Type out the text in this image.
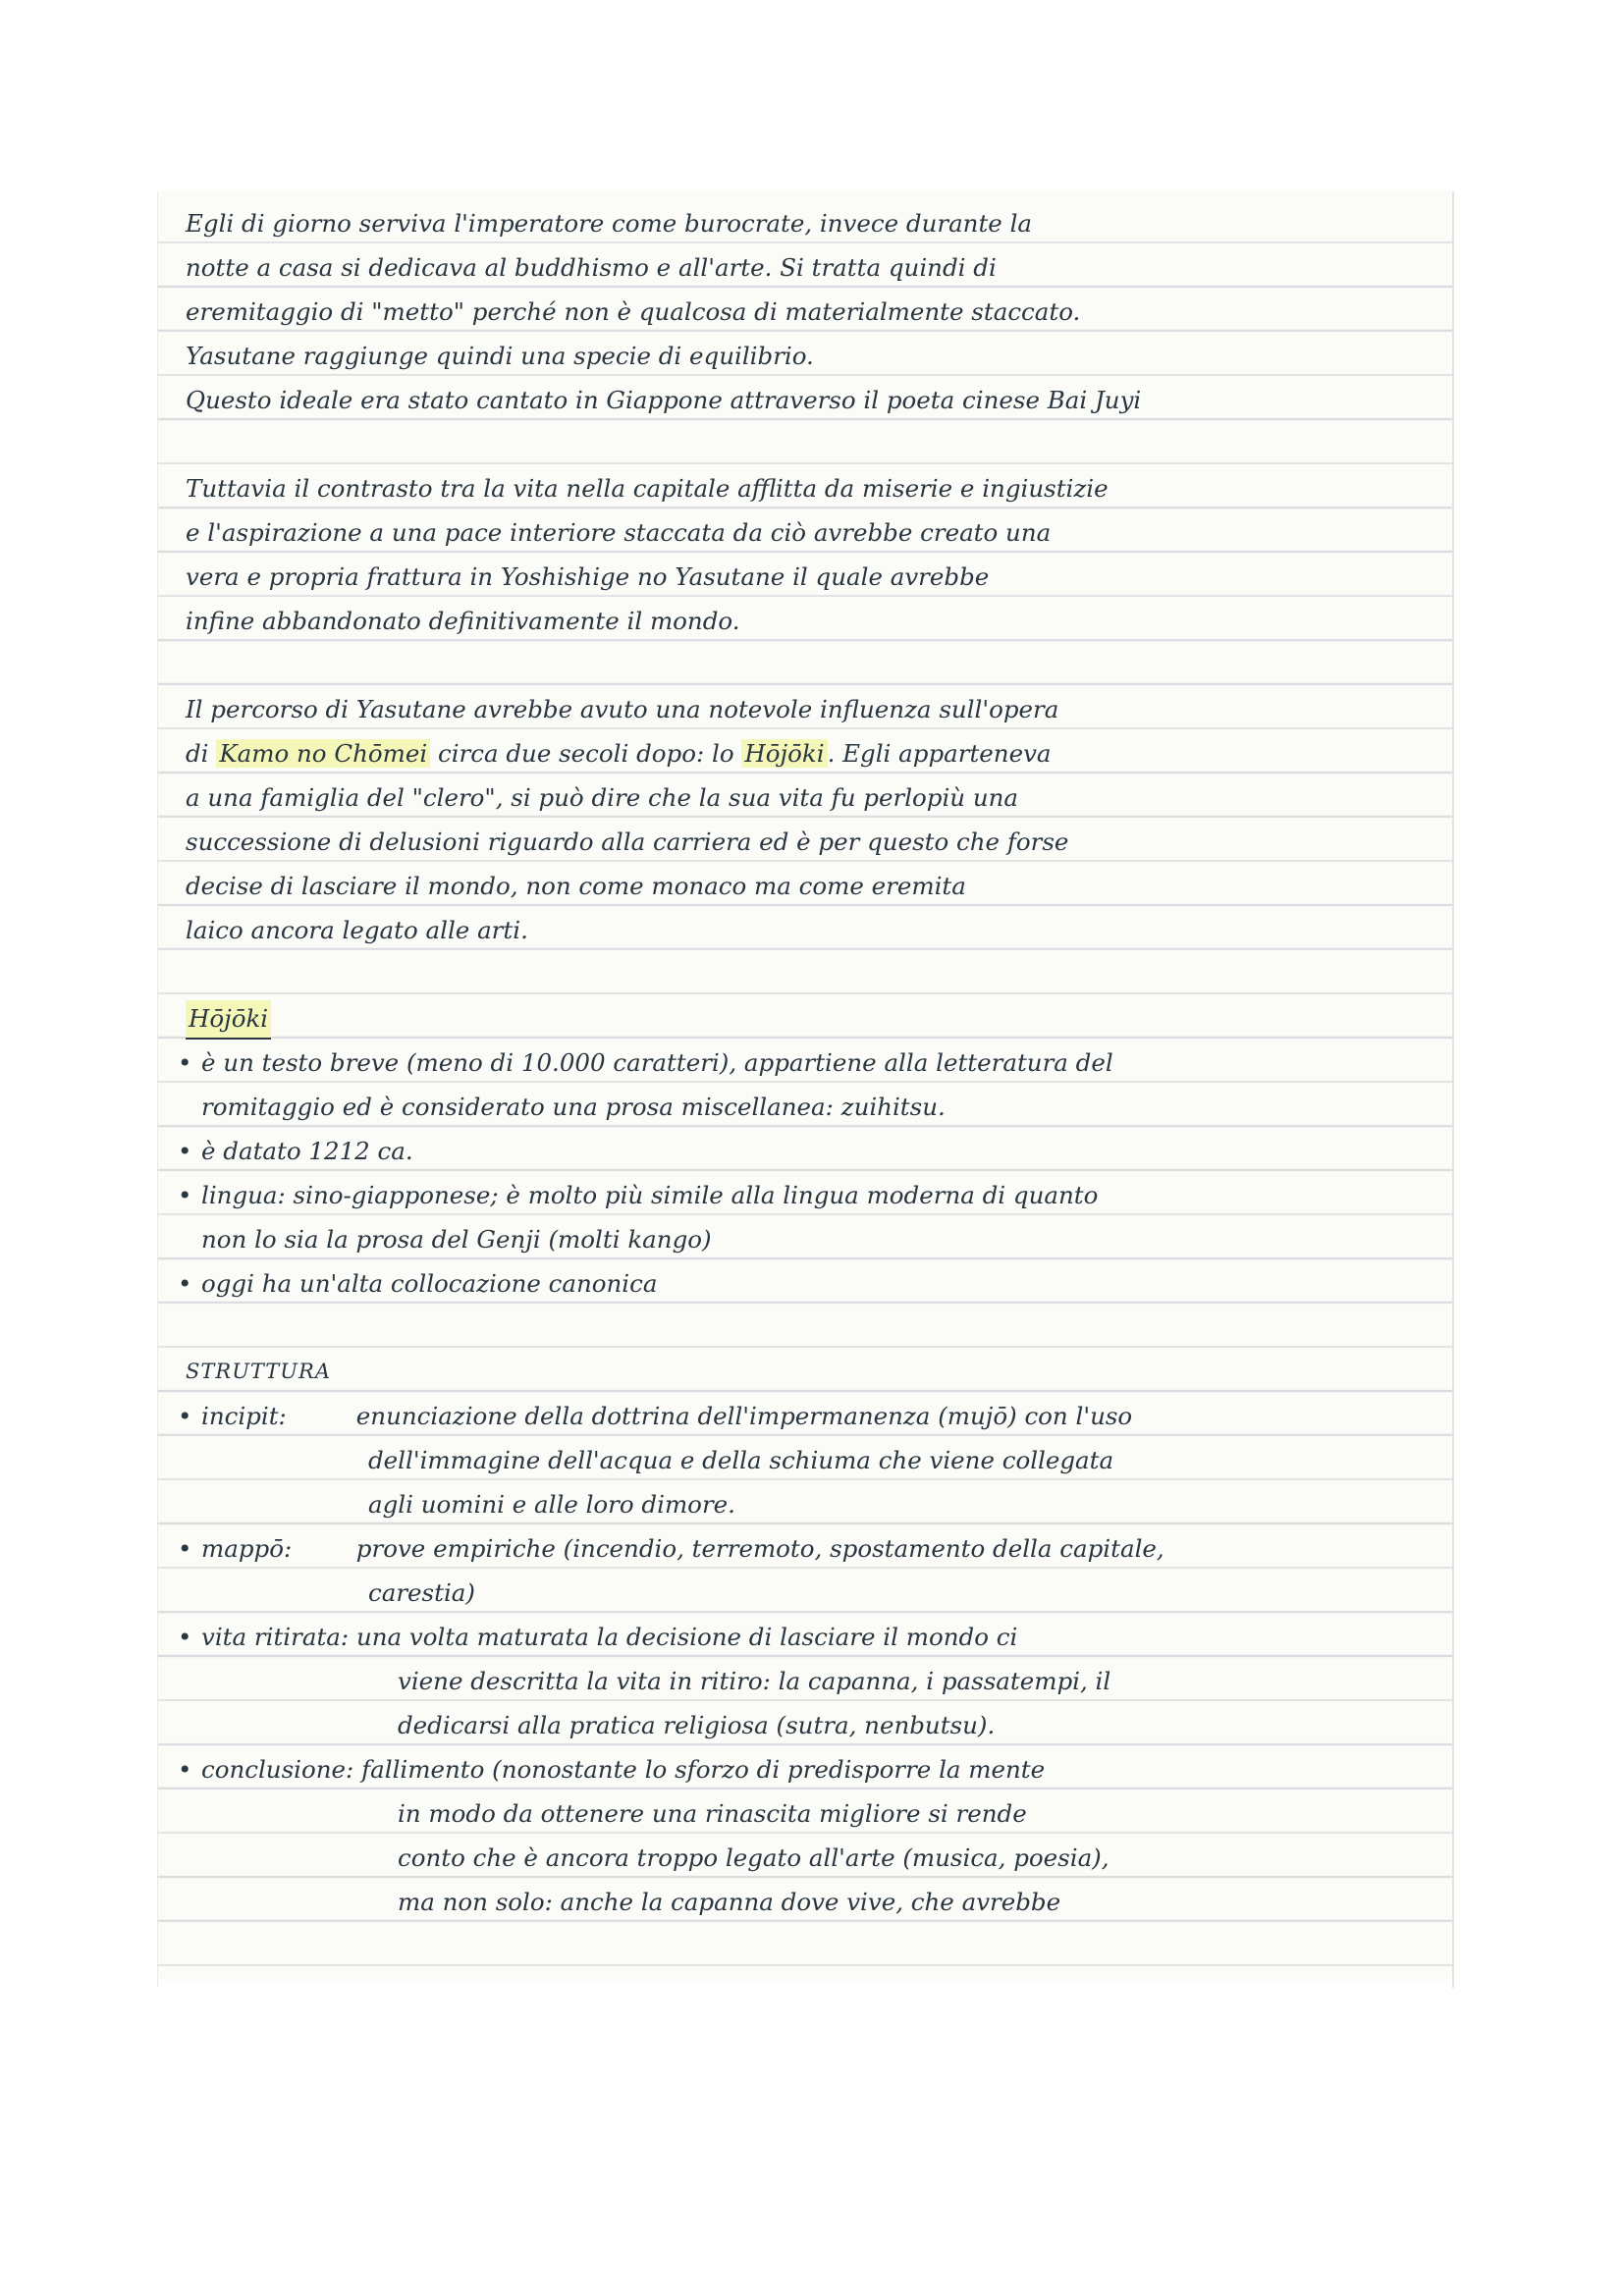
Egli di giorno serviva l'imperatore come burocrate, invece durante la
notte a casa si dedicava al buddhismo e all'arte. Si tratta quindi di
eremitaggio di "metto" perché non è qualcosa di materialmente staccato.
Yasutane raggiunge quindi una specie di equilibrio.
Questo ideale era stato cantato in Giappone attraverso il poeta cinese Bai Juyi
Tuttavia il contrasto tra la vita nella capitale afflitta da miserie e ingiustizie
e l'aspirazione a una pace interiore staccata da ciò avrebbe creato una
vera e propria frattura in Yoshishige no Yasutane il quale avrebbe
infine abbandonato definitivamente il mondo.
Il percorso di Yasutane avrebbe avuto una notevole influenza sull'opera
di Kamo no Chōmei circa due secoli dopo: lo Hōjōki . Egli apparteneva
a una famiglia del "clero", si può dire che la sua vita fu perlopiù una
successione di delusioni riguardo alla carriera ed è per questo che forse
decise di lasciare il mondo, non come monaco ma come eremita
laico ancora legato alle arti.
Hōjōki
• è un testo breve (meno di 10.000 caratteri), appartiene alla letteratura del
romitaggio ed è considerato una prosa miscellanea: zuihitsu.
• è datato 1212 ca.
• lingua: sino-giapponese; è molto più simile alla lingua moderna di quanto
non lo sia la prosa del Genji (molti kango)
• oggi ha un'alta collocazione canonica
STRUTTURA
• incipit:	enunciazione della dottrina dell'impermanenza (mujō) con l'uso
dell'immagine dell'acqua e della schiuma che viene collegata
agli uomini e alle loro dimore.
• mappō:	prove empiriche (incendio, terremoto, spostamento della capitale,
carestia)
• vita ritirata: una volta maturata la decisione di lasciare il mondo ci
viene descritta la vita in ritiro: la capanna, i passatempi, il
dedicarsi alla pratica religiosa (sutra, nenbutsu).
• conclusione: fallimento (nonostante lo sforzo di predisporre la mente
in modo da ottenere una rinascita migliore si rende
conto che è ancora troppo legato all'arte (musica, poesia),
ma non solo: anche la capanna dove vive, che avrebbe
